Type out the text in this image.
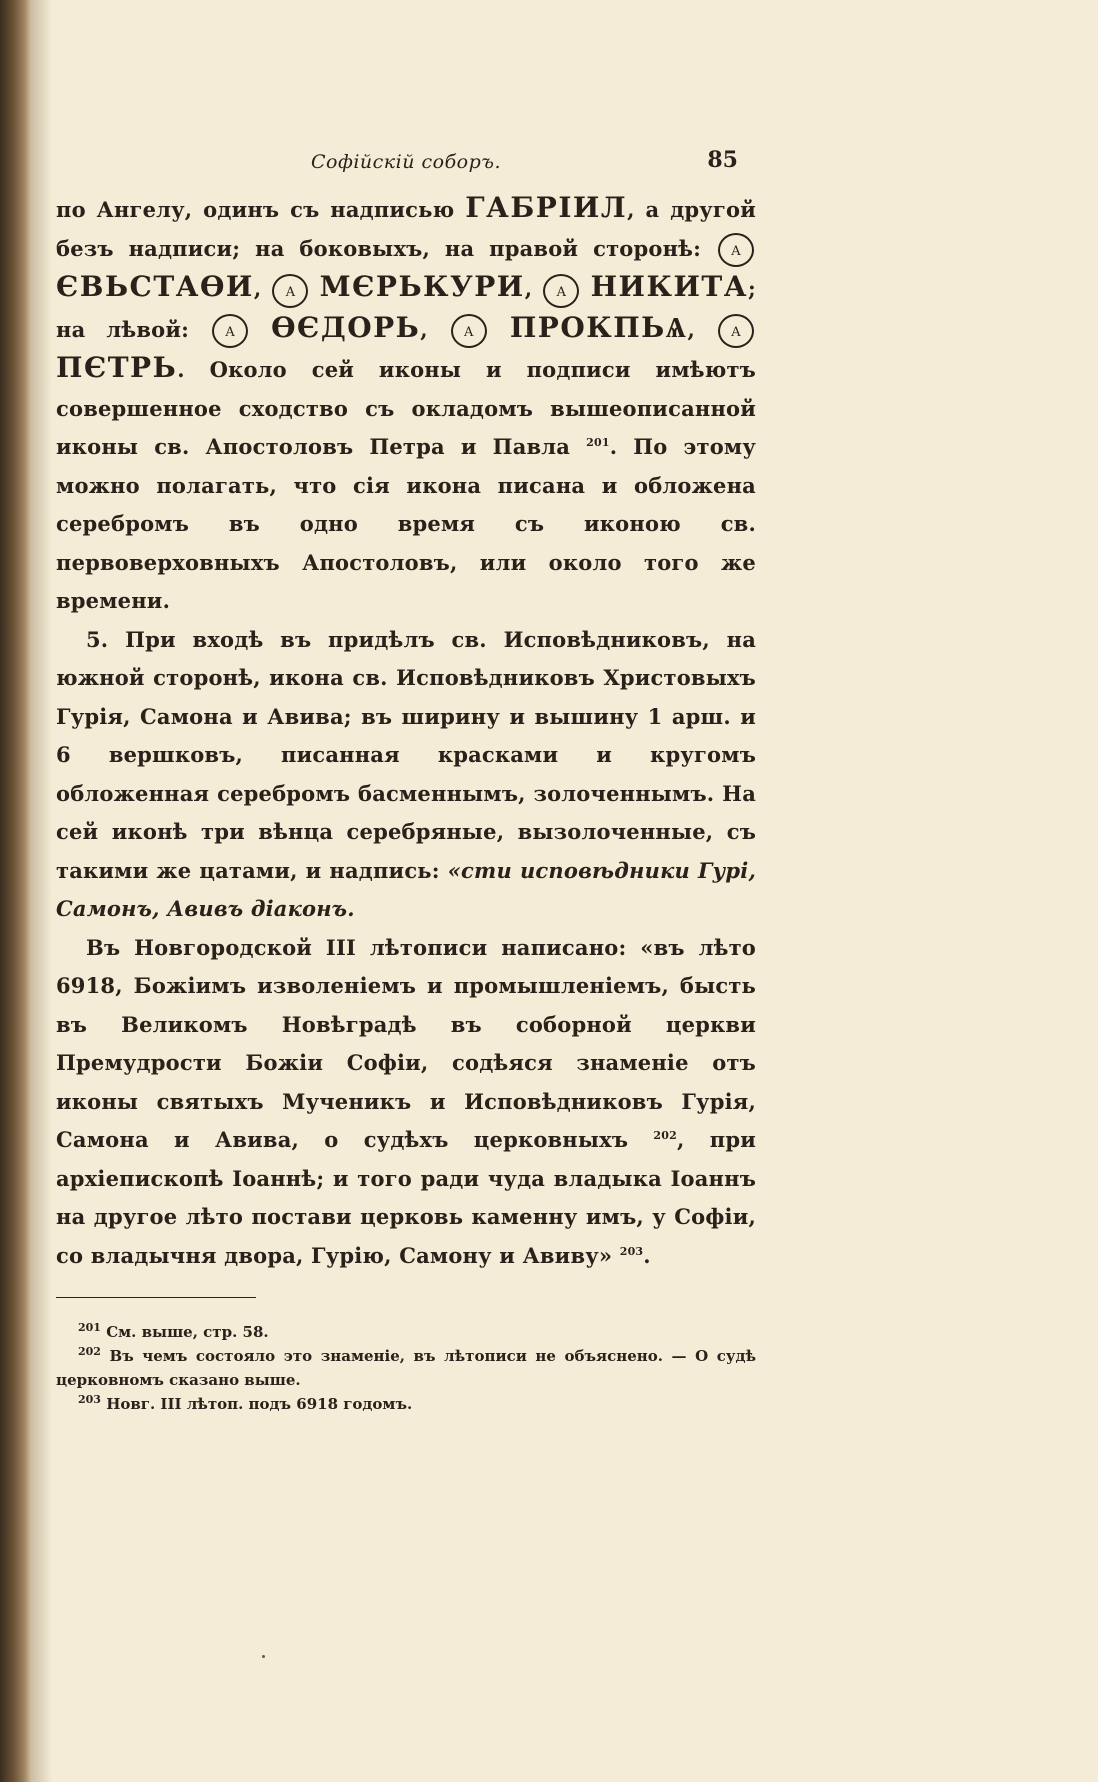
Софійскій соборъ.	85

по Ангелу, одинъ съ надписью ГАБРІИЛ, а другой безъ надписи; на боковыхъ, на правой сторонѣ: А ЄВЬСТАѲИ, А МЄРЬКУРИ, А НИКИТА; на лѣвой: А ѲЄДОРЬ, А ПРОКПЬѦ, А ПЄТРЬ. Около сей иконы и подписи имѣютъ совершенное сходство съ окладомъ вышеописанной иконы св. Апостоловъ Петра и Павла $^{201}$. По этому можно полагать, что сія икона писана и обложена серебромъ въ одно время съ иконою св. первоверховныхъ Апостоловъ, или около того же времени.

5. При входѣ въ придѣлъ св. Исповѣдниковъ, на южной сторонѣ, икона св. Исповѣдниковъ Христовыхъ Гурія, Самона и Авива; въ ширину и вышину 1 арш. и 6 вершковъ, писанная красками и кругомъ обложенная серебромъ басменнымъ, золоченнымъ. На сей иконѣ три вѣнца серебряные, вызолоченные, съ такими же цатами, и надпись: «сти исповѣдники Гурі, Самонъ, Авивъ діаконъ.

Въ Новгородской III лѣтописи написано: «въ лѣто 6918, Божіимъ изволеніемъ и промышленіемъ, бысть въ Великомъ Новѣградѣ въ соборной церкви Премудрости Божіи Софіи, содѣяся знаменіе отъ иконы святыхъ Мученикъ и Исповѣдниковъ Гурія, Самона и Авива, о судѣхъ церковныхъ $^{202}$, при архіепископѣ Іоаннѣ; и того ради чуда владыка Іоаннъ на другое лѣто постави церковь каменну имъ, у Софіи, со владычня двора, Гурію, Самону и Авиву» $^{203}$.

$^{201}$ См. выше, стр. 58.

$^{202}$ Въ чемъ состояло это знаменіе, въ лѣтописи не объяснено. — О судѣ церковномъ сказано выше.

$^{203}$ Новг. III лѣтоп. подъ 6918 годомъ.
